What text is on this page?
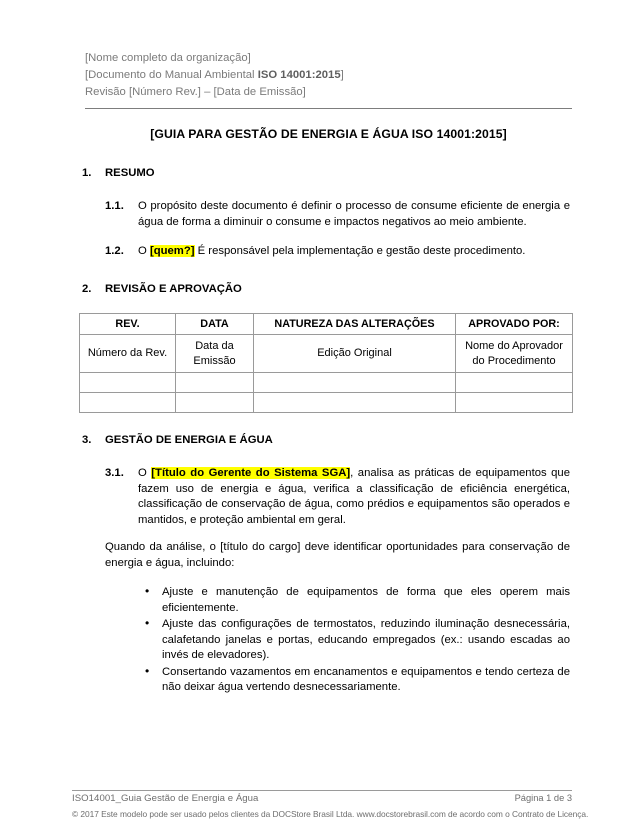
[Nome completo da organização]
[Documento do Manual Ambiental ISO 14001:2015]
Revisão [Número Rev.] – [Data de Emissão]
[GUIA PARA GESTÃO DE ENERGIA E ÁGUA ISO 14001:2015]
1. RESUMO
1.1. O propósito deste documento é definir o processo de consume eficiente de energia e água de forma a diminuir o consume e impactos negativos ao meio ambiente.
1.2. O [quem?] É responsável pela implementação e gestão deste procedimento.
2. REVISÃO E APROVAÇÃO
REV.	DATA	NATUREZA DAS ALTERAÇÕES	APROVADO POR:
Número da Rev.	Data da Emissão	Edição Original	Nome do Aprovador do Procedimento

3. GESTÃO DE ENERGIA E ÁGUA
3.1. O [Título do Gerente do Sistema SGA], analisa as práticas de equipamentos que fazem uso de energia e água, verifica a classificação de eficiência energética, classificação de conservação de água, como prédios e equipamentos são operados e mantidos, e proteção ambiental em geral.
Quando da análise, o [título do cargo] deve identificar oportunidades para conservação de energia e água, incluindo:
• Ajuste e manutenção de equipamentos de forma que eles operem mais eficientemente.
• Ajuste das configurações de termostatos, reduzindo iluminação desnecessária, calafetando janelas e portas, educando empregados (ex.: usando escadas ao invés de elevadores).
• Consertando vazamentos em encanamentos e equipamentos e tendo certeza de não deixar água vertendo desnecessariamente.
ISO14001_Guia Gestão de Energia e Água	Página 1 de 3
© 2017 Este modelo pode ser usado pelos clientes da DOCStore Brasil Ltda. www.docstorebrasil.com de acordo com o Contrato de Licença.
